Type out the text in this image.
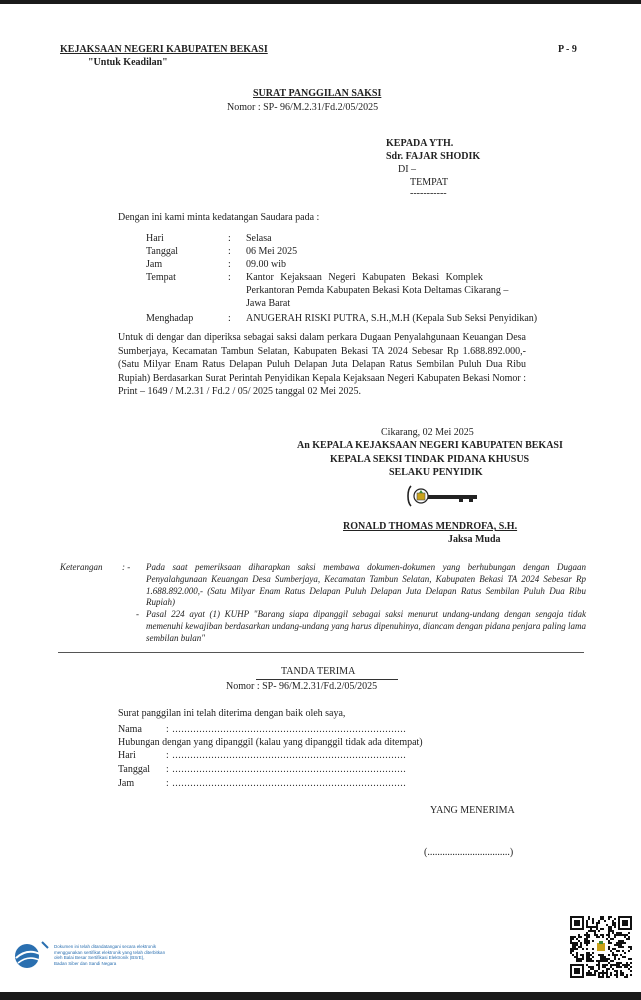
KEJAKSAAN NEGERI KABUPATEN BEKASI
"Untuk Keadilan"
P - 9
SURAT PANGGILAN SAKSI
Nomor : SP- 96/M.2.31/Fd.2/05/2025
KEPADA YTH.
Sdr. FAJAR SHODIK
DI –
TEMPAT
-----------
Dengan ini kami minta kedatangan Saudara pada :
Hari	: Selasa
Tanggal	: 06 Mei 2025
Jam	: 09.00 wib
Tempat	: Kantor Kejaksaan Negeri Kabupaten Bekasi Komplek
Perkantoran Pemda Kabupaten Bekasi Kota Deltamas Cikarang –
Jawa Barat
Menghadap	: ANUGERAH RISKI PUTRA, S.H.,M.H (Kepala Sub Seksi Penyidikan)
Untuk di dengar dan diperiksa sebagai saksi dalam perkara Dugaan Penyalahgunaan Keuangan Desa Sumberjaya, Kecamatan Tambun Selatan, Kabupaten Bekasi TA 2024 Sebesar Rp 1.688.892.000,- (Satu Milyar Enam Ratus Delapan Puluh Delapan Juta Delapan Ratus Sembilan Puluh Dua Ribu Rupiah) Berdasarkan Surat Perintah Penyidikan Kepala Kejaksaan Negeri Kabupaten Bekasi Nomor : Print – 1649 / M.2.31 / Fd.2 / 05/ 2025 tanggal 02 Mei 2025.
Cikarang, 02 Mei 2025
An KEPALA KEJAKSAAN NEGERI KABUPATEN BEKASI
KEPALA SEKSI TINDAK PIDANA KHUSUS
SELAKU PENYIDIK
RONALD THOMAS MENDROFA, S.H.
Jaksa Muda
Keterangan : - Pada saat pemeriksaan diharapkan saksi membawa dokumen-dokumen yang berhubungan dengan Dugaan Penyalahgunaan Keuangan Desa Sumberjaya, Kecamatan Tambun Selatan, Kabupaten Bekasi TA 2024 Sebesar Rp 1.688.892.000,- (Satu Milyar Enam Ratus Delapan Puluh Delapan Juta Delapan Ratus Sembilan Puluh Dua Ribu Rupiah)
- Pasal 224 ayat (1) KUHP "Barang siapa dipanggil sebagai saksi menurut undang-undang dengan sengaja tidak memenuhi kewajiban berdasarkan undang-undang yang harus dipenuhinya, diancam dengan pidana penjara paling lama sembilan bulan"
TANDA TERIMA
Nomor : SP- 96/M.2.31/Fd.2/05/2025
Surat panggilan ini telah diterima dengan baik oleh saya,
Nama : ..............................................................................
Hubungan dengan yang dipanggil (kalau yang dipanggil tidak ada ditempat)
Hari	: ..............................................................................
Tanggal : ..............................................................................
Jam	: ..............................................................................
YANG MENERIMA
(.................................)
Dokumen ini telah ditandatangani secara elektronik
menggunakan sertifikat elektronik yang telah diterbitkan
oleh Balai Besar Sertifikasi Elektronik (BSrE),
Badan Siber dan Sandi Negara
